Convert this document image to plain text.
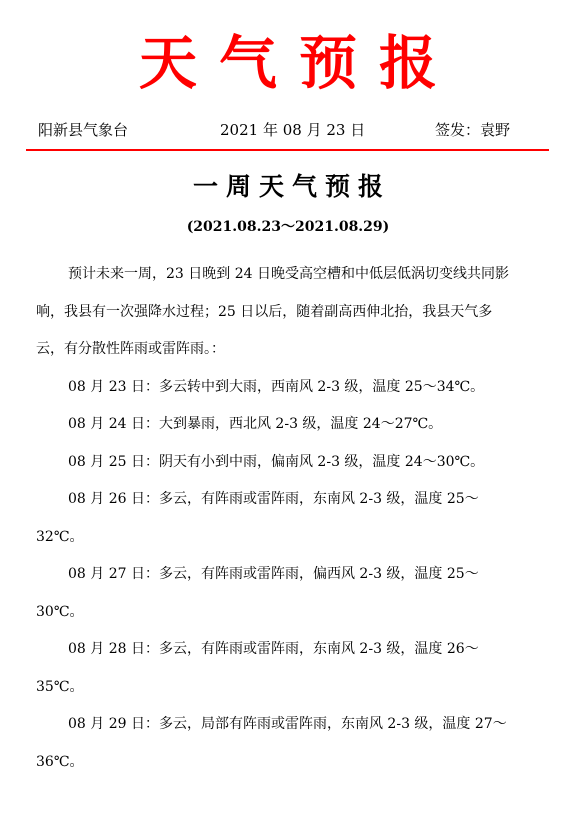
天气预报
阳新县气象台	2021 年 08 月 23 日	签发：袁野
一周天气预报
(2021.08.23～2021.08.29)

预计未来一周，23 日晚到 24 日晚受高空槽和中低层低涡切变线共同影响，我县有一次强降水过程；25 日以后，随着副高西伸北抬，我县天气多云，有分散性阵雨或雷阵雨。：

08 月 23 日：多云转中到大雨，西南风 2-3 级，温度 25～34℃。

08 月 24 日：大到暴雨，西北风 2-3 级，温度 24～27℃。

08 月 25 日：阴天有小到中雨，偏南风 2-3 级，温度 24～30℃。

08 月 26 日：多云，有阵雨或雷阵雨，东南风 2-3 级，温度 25～32℃。

08 月 27 日：多云，有阵雨或雷阵雨，偏西风 2-3 级，温度 25～30℃。

08 月 28 日：多云，有阵雨或雷阵雨，东南风 2-3 级，温度 26～35℃。

08 月 29 日：多云，局部有阵雨或雷阵雨，东南风 2-3 级，温度 27～36℃。
